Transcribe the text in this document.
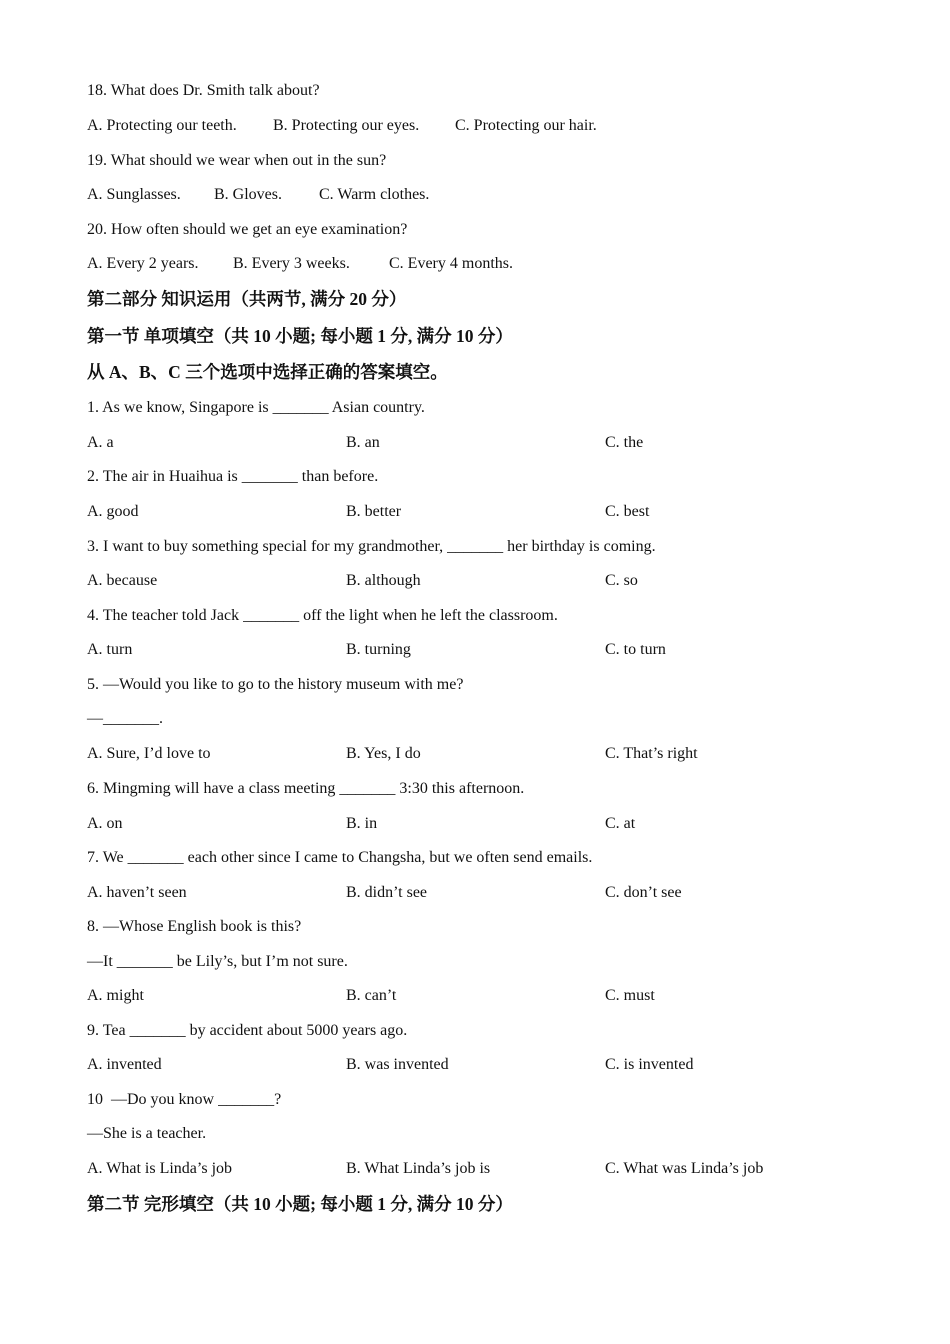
18. What does Dr. Smith talk about?
A. Protecting our teeth. B. Protecting our eyes. C. Protecting our hair.
19. What should we wear when out in the sun?
A. Sunglasses. B. Gloves. C. Warm clothes.
20. How often should we get an eye examination?
A. Every 2 years. B. Every 3 weeks. C. Every 4 months.
第二部分 知识运用（共两节, 满分 20 分）
第一节 单项填空（共 10 小题; 每小题 1 分, 满分 10 分）
从 A、B、C 三个选项中选择正确的答案填空。
1. As we know, Singapore is _______ Asian country.
A. a	B. an	C. the
2. The air in Huaihua is _______ than before.
A. good	B. better	C. best
3. I want to buy something special for my grandmother, _______ her birthday is coming.
A. because	B. although	C. so
4. The teacher told Jack _______ off the light when he left the classroom.
A. turn	B. turning	C. to turn
5. —Would you like to go to the history museum with me?
—_______.
A. Sure, I’d love to	B. Yes, I do	C. That’s right
6. Mingming will have a class meeting _______ 3:30 this afternoon.
A. on	B. in	C. at
7. We _______ each other since I came to Changsha, but we often send emails.
A. haven’t seen	B. didn’t see	C. don’t see
8. —Whose English book is this?
—It _______ be Lily’s, but I’m not sure.
A. might	B. can’t	C. must
9. Tea _______ by accident about 5000 years ago.
A. invented	B. was invented	C. is invented
10  —Do you know _______?
—She is a teacher.
A. What is Linda’s job	B. What Linda’s job is	C. What was Linda’s job
第二节 完形填空（共 10 小题; 每小题 1 分, 满分 10 分）
